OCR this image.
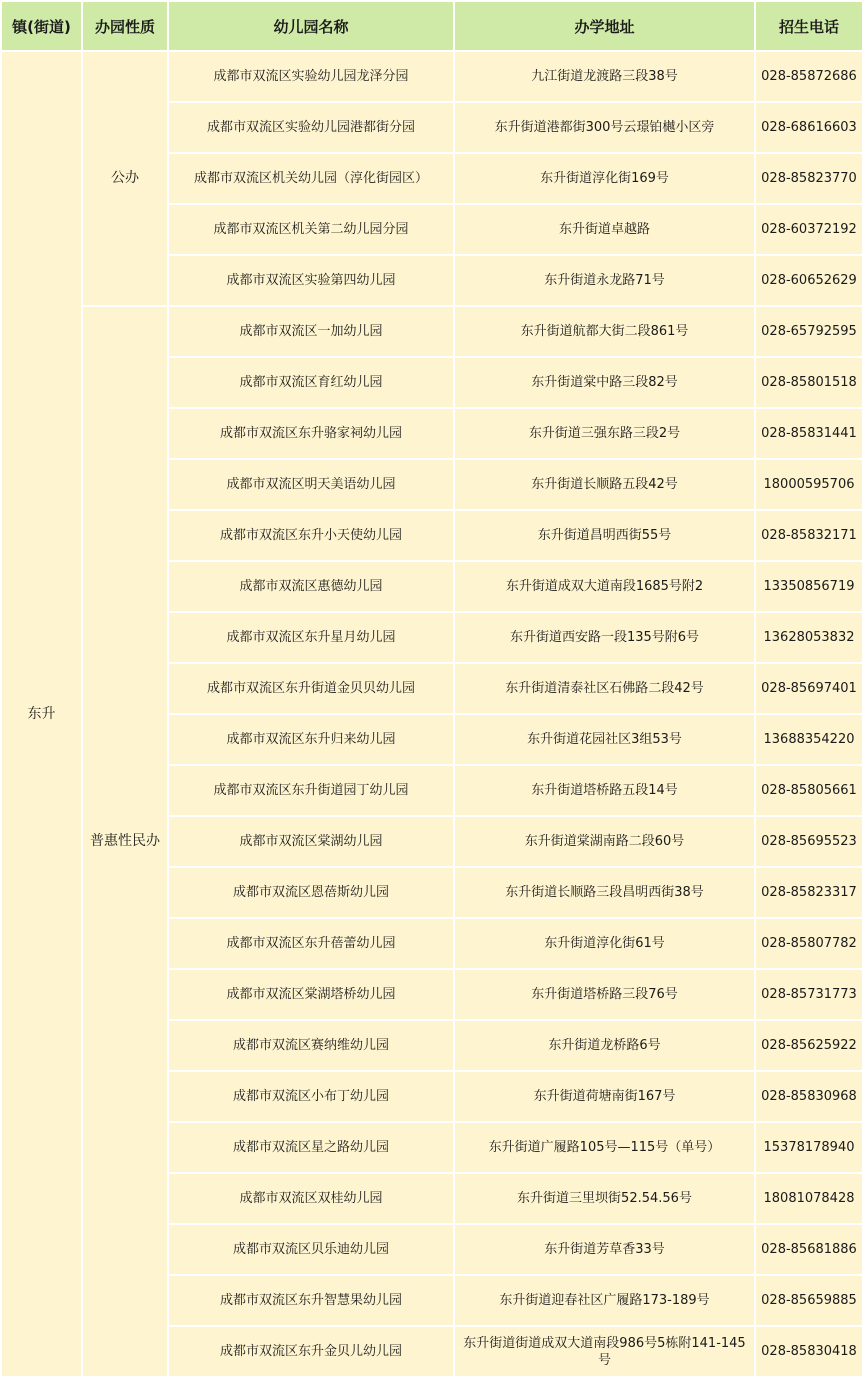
镇(街道)	办园性质	幼儿园名称	办学地址	招生电话
东升	公办	成都市双流区实验幼儿园龙泽分园	九江街道龙渡路三段38号	028-85872686
		成都市双流区实验幼儿园港都街分园	东升街道港都街300号云璟铂樾小区旁	028-68616603
		成都市双流区机关幼儿园（淳化街园区）	东升街道淳化街169号	028-85823770
		成都市双流区机关第二幼儿园分园	东升街道卓越路	028-60372192
		成都市双流区实验第四幼儿园	东升街道永龙路71号	028-60652629
	普惠性民办	成都市双流区一加幼儿园	东升街道航都大街二段861号	028-65792595
		成都市双流区育红幼儿园	东升街道棠中路三段82号	028-85801518
		成都市双流区东升骆家祠幼儿园	东升街道三强东路三段2号	028-85831441
		成都市双流区明天美语幼儿园	东升街道长顺路五段42号	18000595706
		成都市双流区东升小天使幼儿园	东升街道昌明西街55号	028-85832171
		成都市双流区惠德幼儿园	东升街道成双大道南段1685号附2	13350856719
		成都市双流区东升星月幼儿园	东升街道西安路一段135号附6号	13628053832
		成都市双流区东升街道金贝贝幼儿园	东升街道清泰社区石佛路二段42号	028-85697401
		成都市双流区东升归来幼儿园	东升街道花园社区3组53号	13688354220
		成都市双流区东升街道园丁幼儿园	东升街道塔桥路五段14号	028-85805661
		成都市双流区棠湖幼儿园	东升街道棠湖南路二段60号	028-85695523
		成都市双流区恩蓓斯幼儿园	东升街道长顺路三段昌明西街38号	028-85823317
		成都市双流区东升蓓蕾幼儿园	东升街道淳化街61号	028-85807782
		成都市双流区棠湖塔桥幼儿园	东升街道塔桥路三段76号	028-85731773
		成都市双流区赛纳维幼儿园	东升街道龙桥路6号	028-85625922
		成都市双流区小布丁幼儿园	东升街道荷塘南街167号	028-85830968
		成都市双流区星之路幼儿园	东升街道广履路105号—115号（单号）	15378178940
		成都市双流区双桂幼儿园	东升街道三里坝街52.54.56号	18081078428
		成都市双流区贝乐迪幼儿园	东升街道芳草香33号	028-85681886
		成都市双流区东升智慧果幼儿园	东升街道迎春社区广履路173-189号	028-85659885
		成都市双流区东升金贝儿幼儿园	东升街道街道成双大道南段986号5栋附141-145号	028-85830418
